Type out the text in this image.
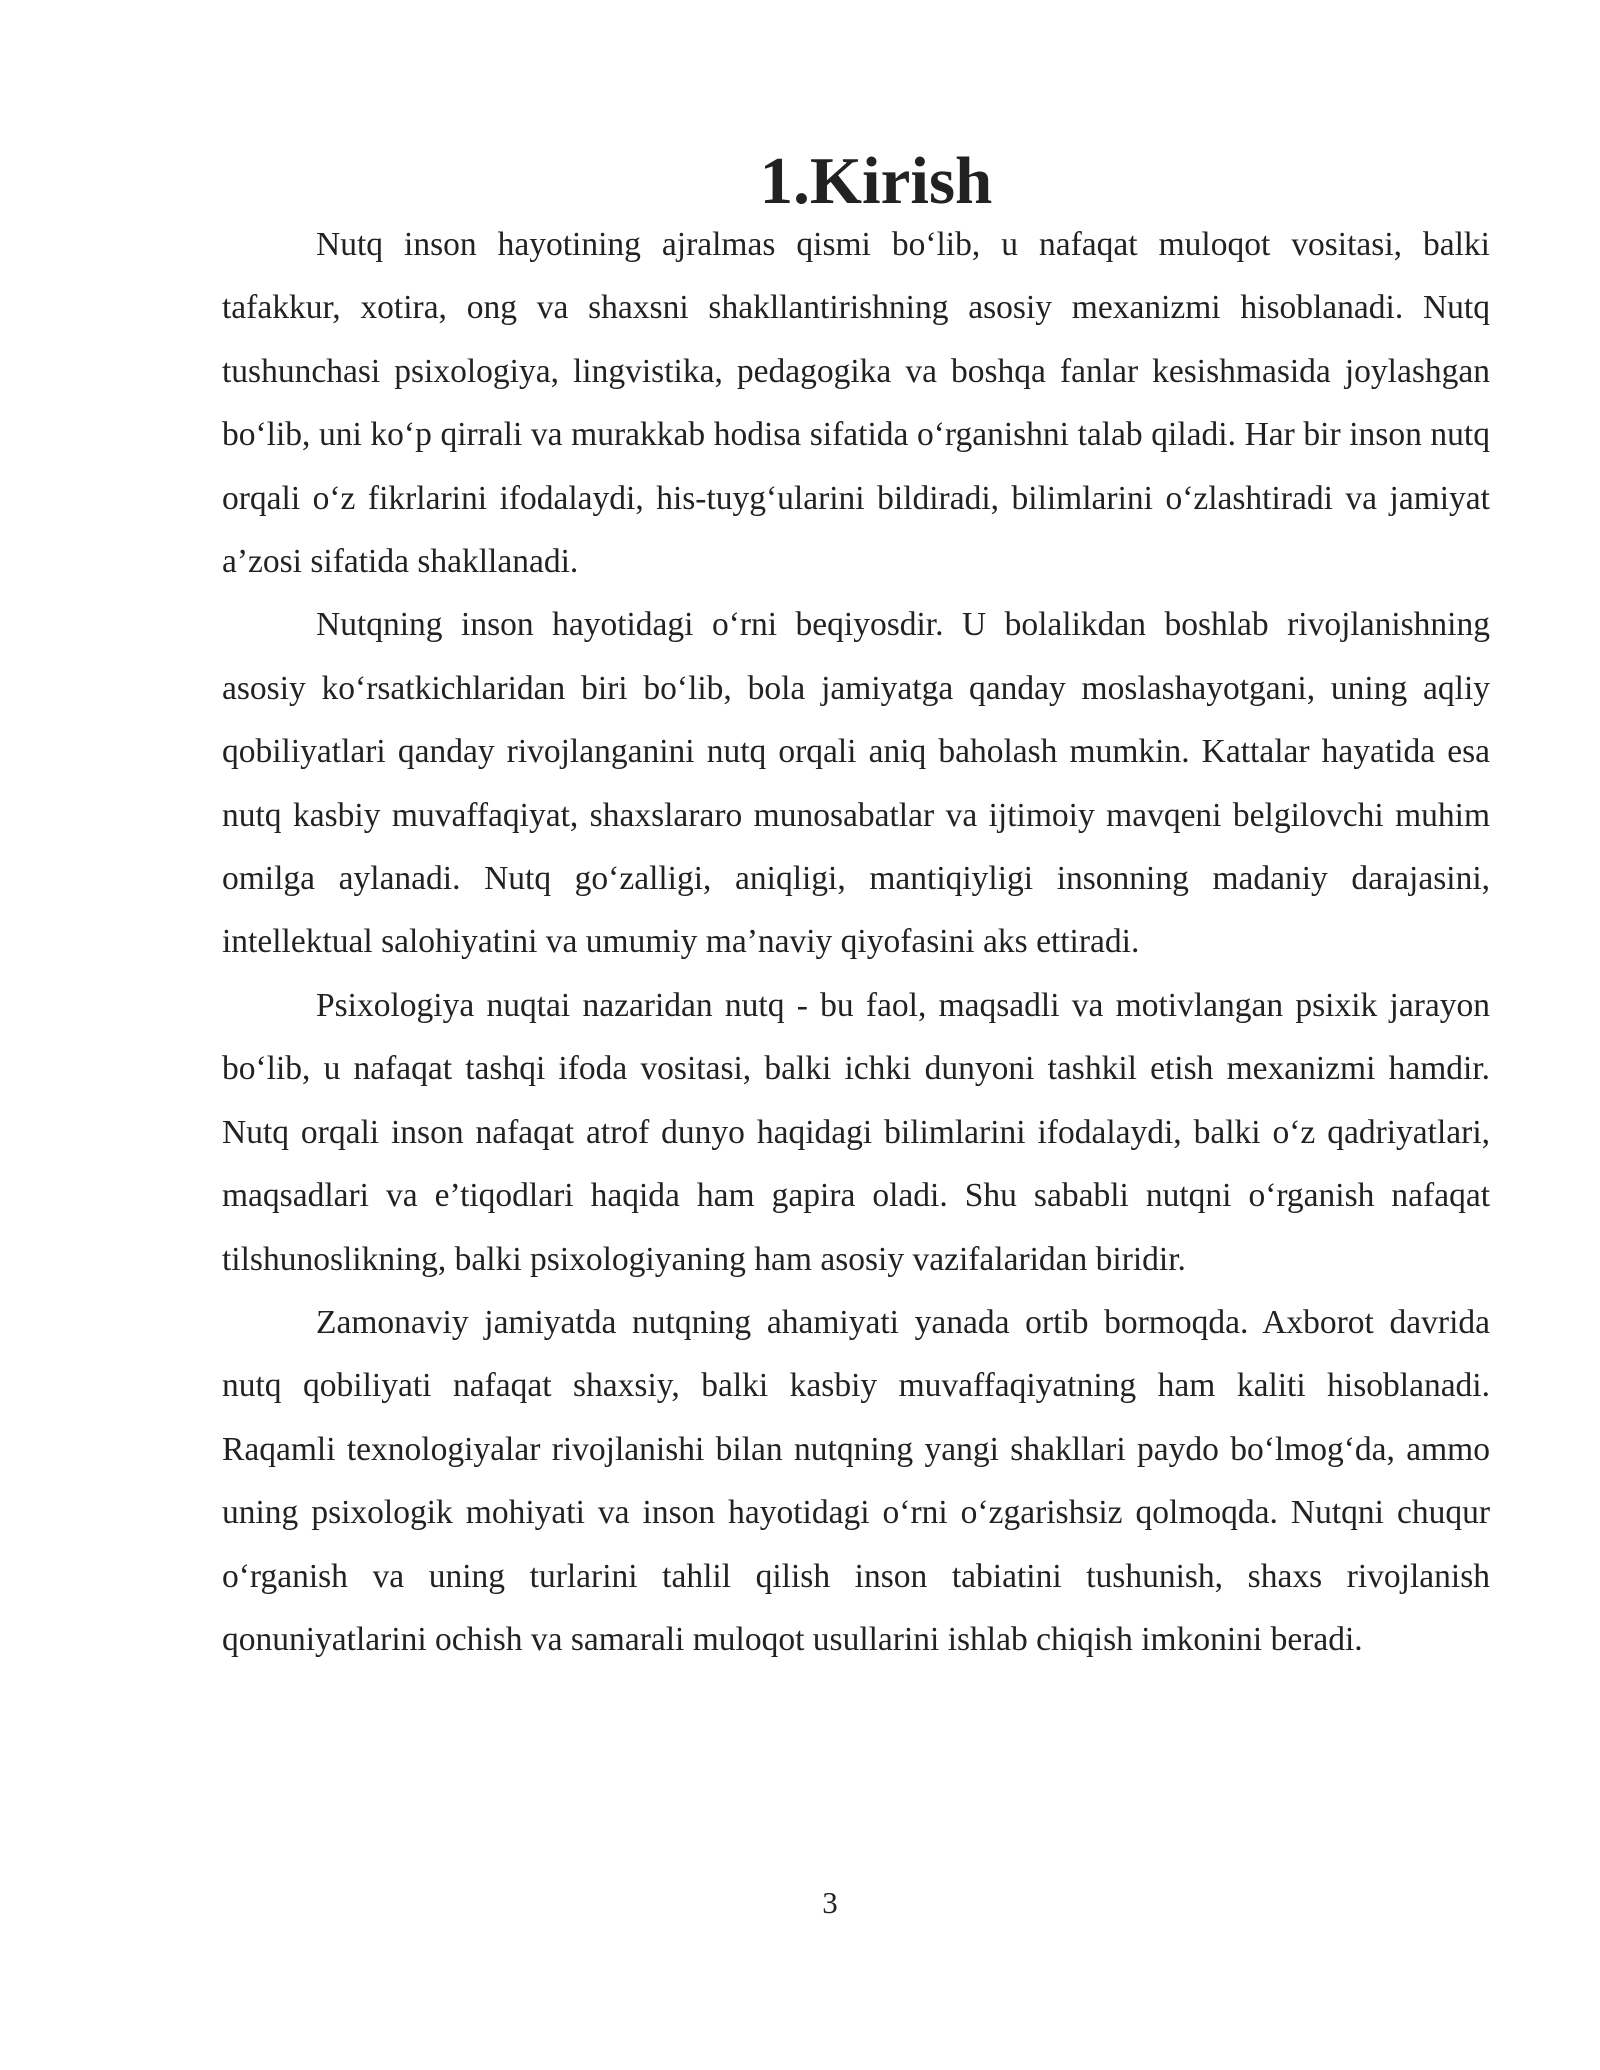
1.Kirish

Nutq inson hayotining ajralmas qismi bo‘lib, u nafaqat muloqot vositasi, balki tafakkur, xotira, ong va shaxsni shakllantirishning asosiy mexanizmi hisoblanadi. Nutq tushunchasi psixologiya, lingvistika, pedagogika va boshqa fanlar kesishmasida joylashgan bo‘lib, uni ko‘p qirrali va murakkab hodisa sifatida o‘rganishni talab qiladi. Har bir inson nutq orqali o‘z fikrlarini ifodalaydi, his-tuyg‘ularini bildiradi, bilimlarini o‘zlashtiradi va jamiyat a’zosi sifatida shakllanadi.

Nutqning inson hayotidagi o‘rni beqiyosdir. U bolalikdan boshlab rivojlanishning asosiy ko‘rsatkichlaridan biri bo‘lib, bola jamiyatga qanday moslashayotgani, uning aqliy qobiliyatlari qanday rivojlanganini nutq orqali aniq baholash mumkin. Kattalar hayatida esa nutq kasbiy muvaffaqiyat, shaxslararo munosabatlar va ijtimoiy mavqeni belgilovchi muhim omilga aylanadi. Nutq go‘zalligi, aniqligi, mantiqiyligi insonning madaniy darajasini, intellektual salohiyatini va umumiy ma’naviy qiyofasini aks ettiradi.

Psixologiya nuqtai nazaridan nutq - bu faol, maqsadli va motivlangan psixik jarayon bo‘lib, u nafaqat tashqi ifoda vositasi, balki ichki dunyoni tashkil etish mexanizmi hamdir. Nutq orqali inson nafaqat atrof dunyo haqidagi bilimlarini ifodalaydi, balki o‘z qadriyatlari, maqsadlari va e’tiqodlari haqida ham gapira oladi. Shu sababli nutqni o‘rganish nafaqat tilshunoslikning, balki psixologiyaning ham asosiy vazifalaridan biridir.

Zamonaviy jamiyatda nutqning ahamiyati yanada ortib bormoqda. Axborot davrida nutq qobiliyati nafaqat shaxsiy, balki kasbiy muvaffaqiyatning ham kaliti hisoblanadi. Raqamli texnologiyalar rivojlanishi bilan nutqning yangi shakllari paydo bo‘lmog‘da, ammo uning psixologik mohiyati va inson hayotidagi o‘rni o‘zgarishsiz qolmoqda. Nutqni chuqur o‘rganish va uning turlarini tahlil qilish inson tabiatini tushunish, shaxs rivojlanish qonuniyatlarini ochish va samarali muloqot usullarini ishlab chiqish imkonini beradi.

3
